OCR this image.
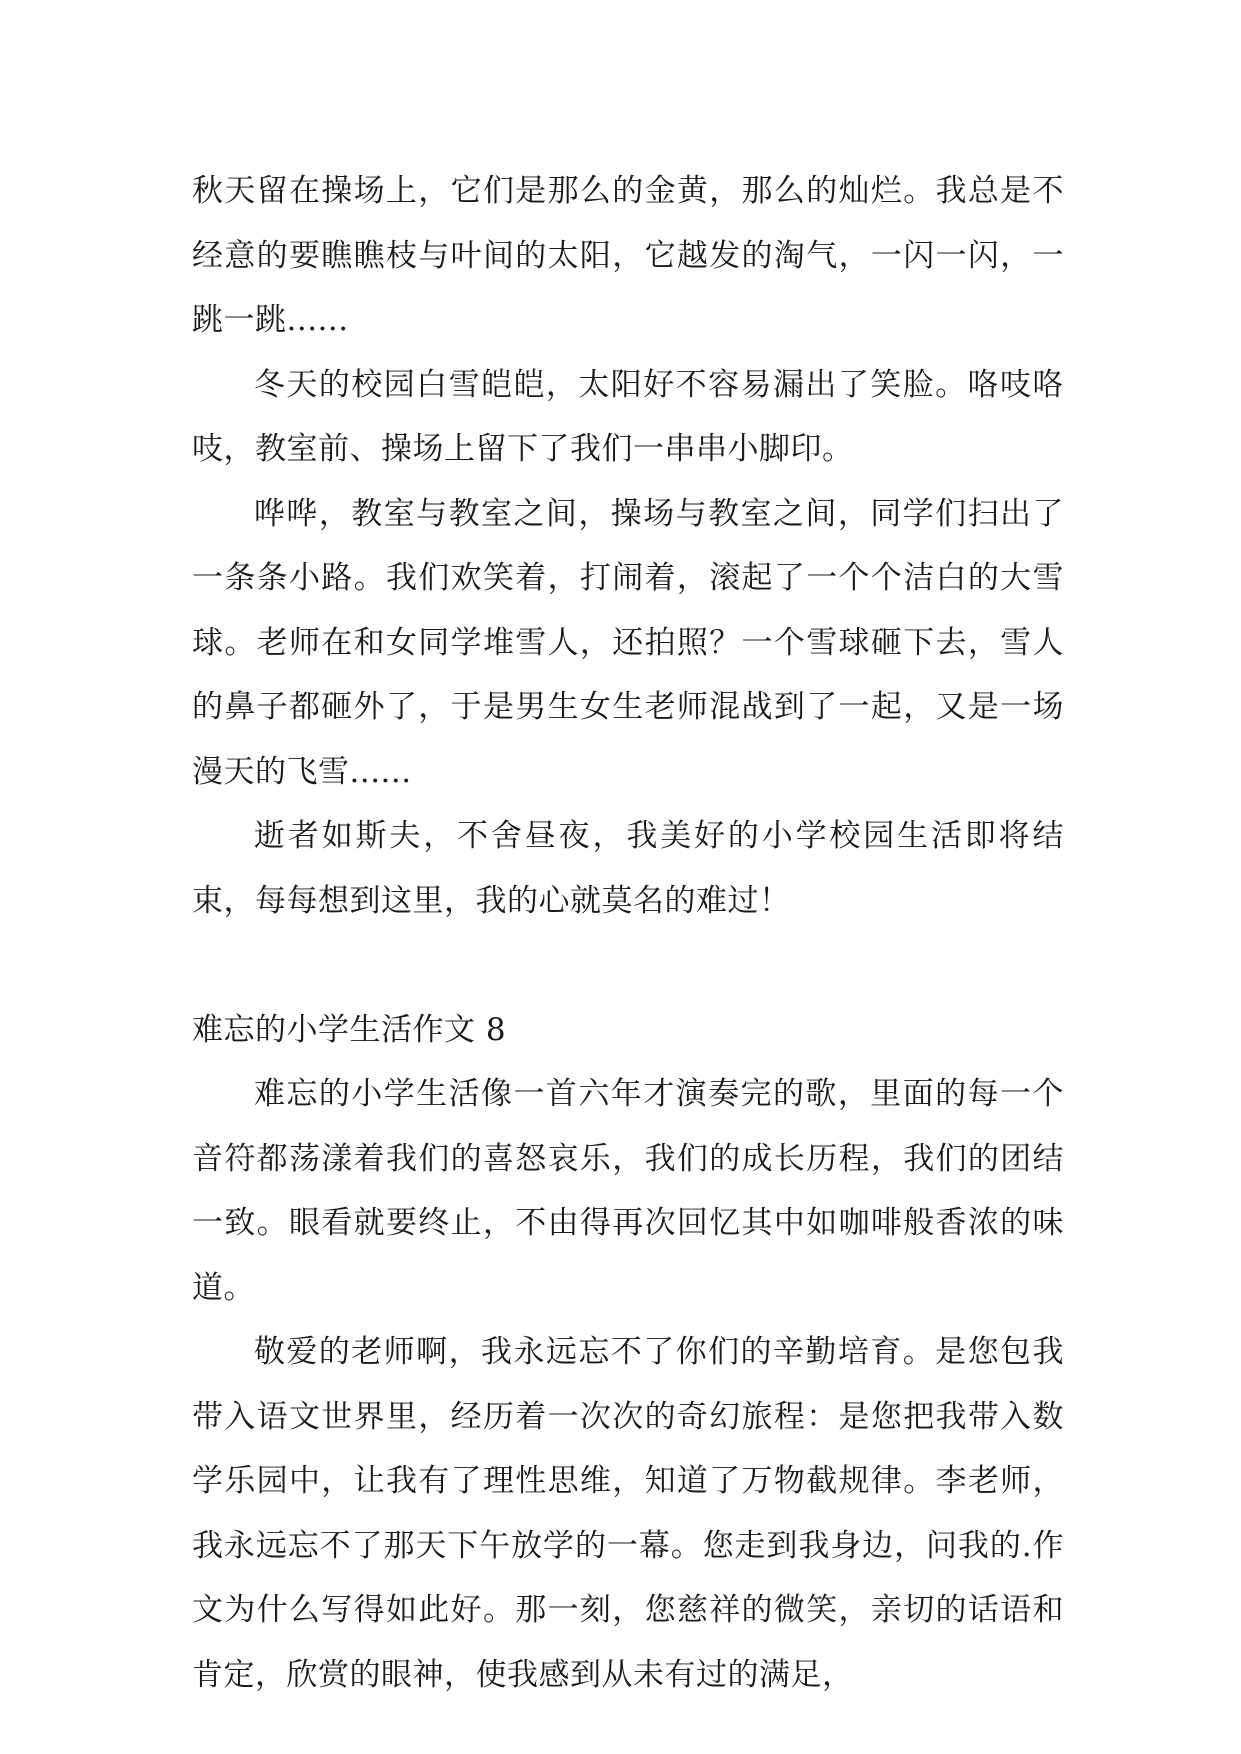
秋天留在操场上，它们是那么的金黄，那么的灿烂。我总是不经意的要瞧瞧枝与叶间的太阳，它越发的淘气，一闪一闪，一跳一跳......

冬天的校园白雪皑皑，太阳好不容易漏出了笑脸。咯吱咯吱，教室前、操场上留下了我们一串串小脚印。

哗哗，教室与教室之间，操场与教室之间，同学们扫出了一条条小路。我们欢笑着，打闹着，滚起了一个个洁白的大雪球。老师在和女同学堆雪人，还拍照？一个雪球砸下去，雪人的鼻子都砸外了，于是男生女生老师混战到了一起，又是一场漫天的飞雪......

逝者如斯夫，不舍昼夜，我美好的小学校园生活即将结束，每每想到这里，我的心就莫名的难过！

难忘的小学生活作文 8

难忘的小学生活像一首六年才演奏完的歌，里面的每一个音符都荡漾着我们的喜怒哀乐，我们的成长历程，我们的团结一致。眼看就要终止，不由得再次回忆其中如咖啡般香浓的味道。

敬爱的老师啊，我永远忘不了你们的辛勤培育。是您包我带入语文世界里，经历着一次次的奇幻旅程：是您把我带入数学乐园中，让我有了理性思维，知道了万物截规律。李老师，我永远忘不了那天下午放学的一幕。您走到我身边，问我的.作文为什么写得如此好。那一刻，您慈祥的微笑，亲切的话语和肯定，欣赏的眼神，使我感到从未有过的满足，
